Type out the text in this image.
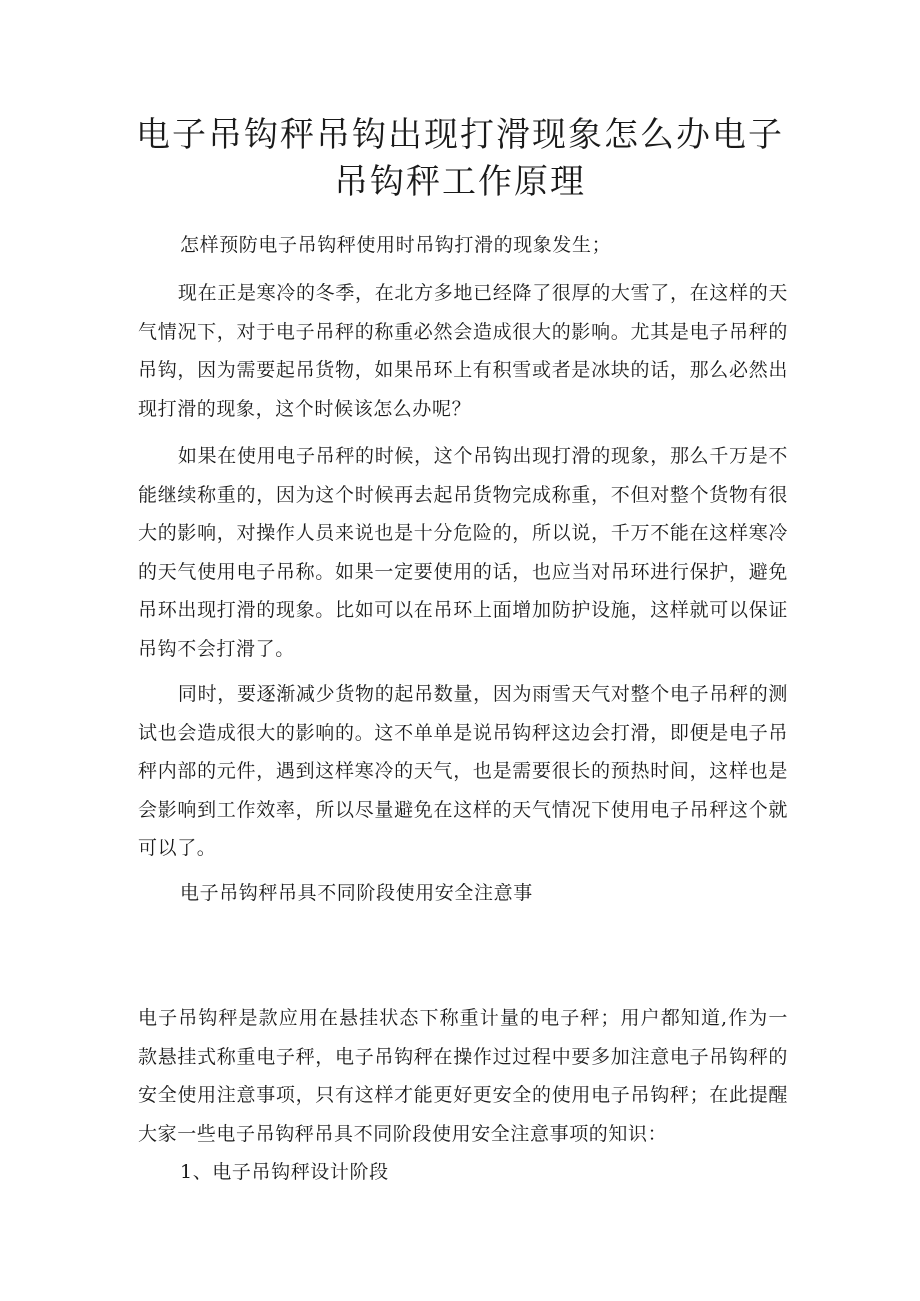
电子吊钩秤吊钩出现打滑现象怎么办电子吊钩秤工作原理

怎样预防电子吊钩秤使用时吊钩打滑的现象发生；

现在正是寒冷的冬季，在北方多地已经降了很厚的大雪了，在这样的天气情况下，对于电子吊秤的称重必然会造成很大的影响。尤其是电子吊秤的吊钩，因为需要起吊货物，如果吊环上有积雪或者是冰块的话，那么必然出现打滑的现象，这个时候该怎么办呢？

如果在使用电子吊秤的时候，这个吊钩出现打滑的现象，那么千万是不能继续称重的，因为这个时候再去起吊货物完成称重，不但对整个货物有很大的影响，对操作人员来说也是十分危险的，所以说，千万不能在这样寒冷的天气使用电子吊称。如果一定要使用的话，也应当对吊环进行保护，避免吊环出现打滑的现象。比如可以在吊环上面增加防护设施，这样就可以保证吊钩不会打滑了。

同时，要逐渐减少货物的起吊数量，因为雨雪天气对整个电子吊秤的测试也会造成很大的影响的。这不单单是说吊钩秤这边会打滑，即便是电子吊秤内部的元件，遇到这样寒冷的天气，也是需要很长的预热时间，这样也是会影响到工作效率，所以尽量避免在这样的天气情况下使用电子吊秤这个就可以了。

电子吊钩秤吊具不同阶段使用安全注意事

电子吊钩秤是款应用在悬挂状态下称重计量的电子秤；用户都知道,作为一款悬挂式称重电子秤，电子吊钩秤在操作过过程中要多加注意电子吊钩秤的安全使用注意事项，只有这样才能更好更安全的使用电子吊钩秤；在此提醒大家一些电子吊钩秤吊具不同阶段使用安全注意事项的知识：

1、电子吊钩秤设计阶段
